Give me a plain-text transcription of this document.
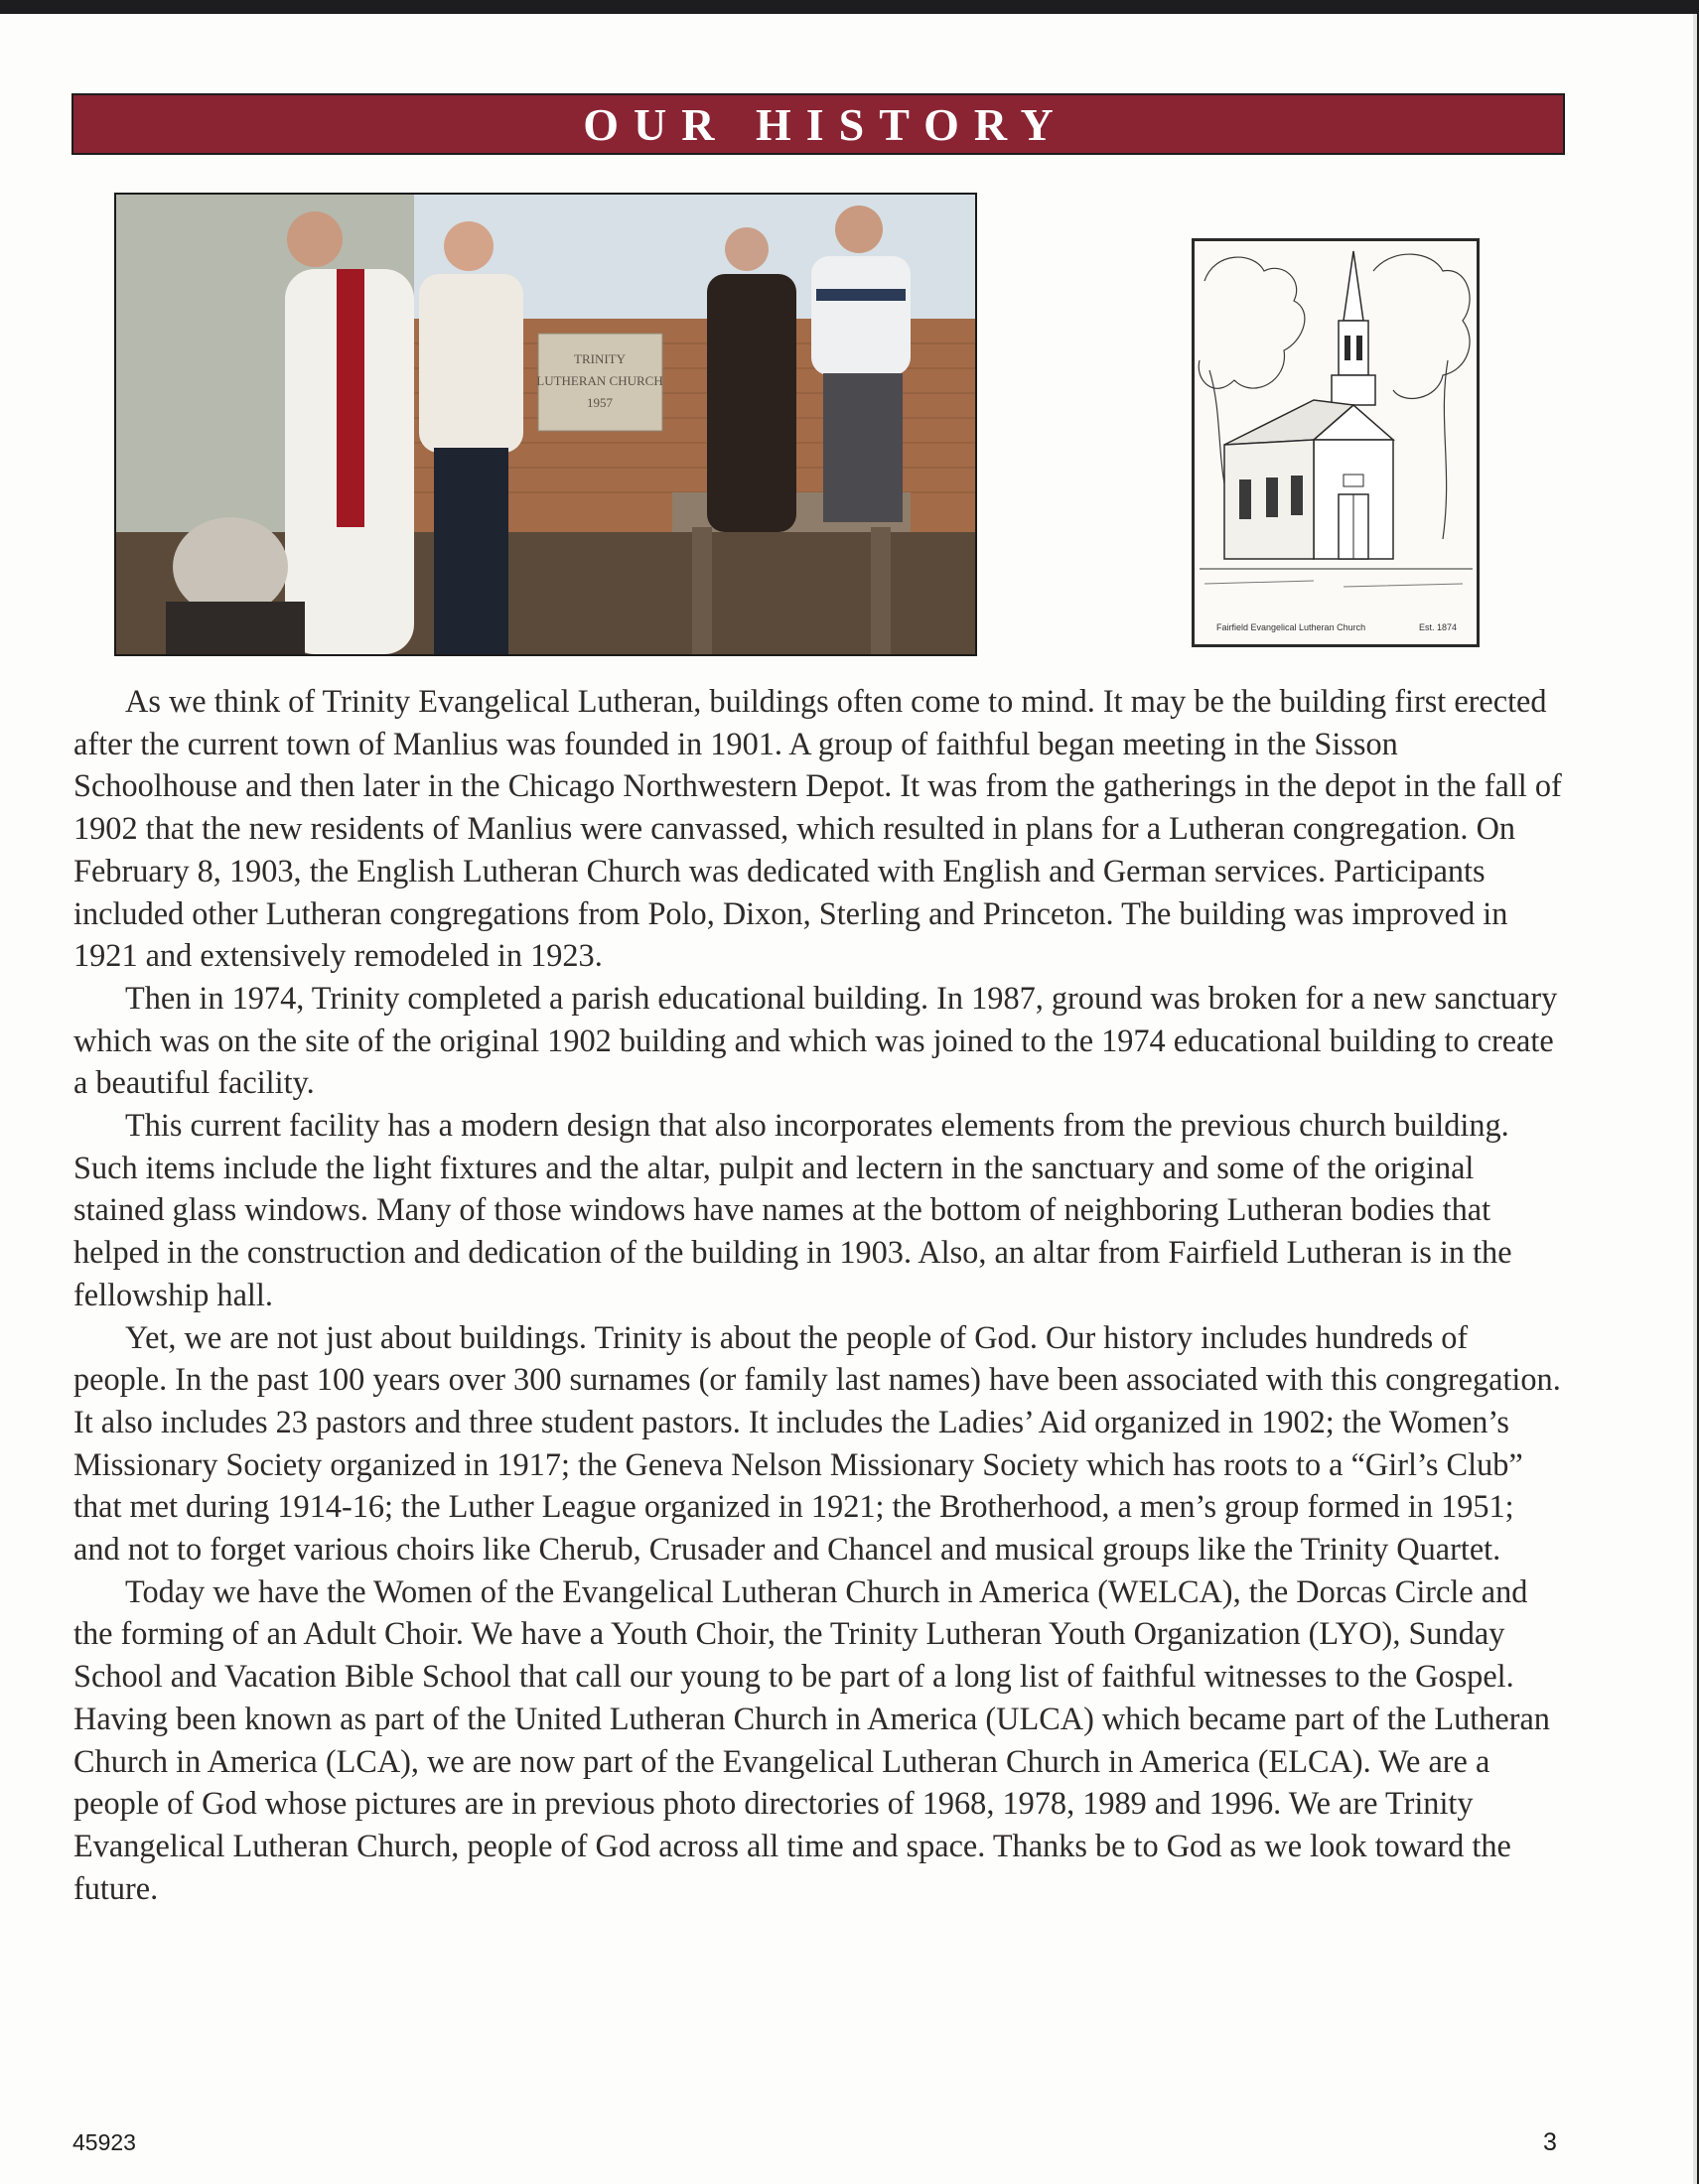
OUR HISTORY
TRINITY
LUTHERAN CHURCH
1957
Fairfield Evangelical Lutheran Church	Est. 1874

As we think of Trinity Evangelical Lutheran, buildings often come to mind. It may be the building first erected after the current town of Manlius was founded in 1901. A group of faithful began meeting in the Sisson Schoolhouse and then later in the Chicago Northwestern Depot. It was from the gatherings in the depot in the fall of 1902 that the new residents of Manlius were canvassed, which resulted in plans for a Lutheran congregation. On February 8, 1903, the English Lutheran Church was dedicated with English and German services. Participants included other Lutheran congregations from Polo, Dixon, Sterling and Princeton. The building was improved in 1921 and extensively remodeled in 1923.

Then in 1974, Trinity completed a parish educational building. In 1987, ground was broken for a new sanctuary which was on the site of the original 1902 building and which was joined to the 1974 educational building to create a beautiful facility.

This current facility has a modern design that also incorporates elements from the previous church building. Such items include the light fixtures and the altar, pulpit and lectern in the sanctuary and some of the original stained glass windows. Many of those windows have names at the bottom of neighboring Lutheran bodies that helped in the construction and dedication of the building in 1903. Also, an altar from Fairfield Lutheran is in the fellowship hall.

Yet, we are not just about buildings. Trinity is about the people of God. Our history includes hundreds of people. In the past 100 years over 300 surnames (or family last names) have been associated with this congregation. It also includes 23 pastors and three student pastors. It includes the Ladies’ Aid organized in 1902; the Women’s Missionary Society organized in 1917; the Geneva Nelson Missionary Society which has roots to a “Girl’s Club” that met during 1914-16; the Luther League organized in 1921; the Brotherhood, a men’s group formed in 1951; and not to forget various choirs like Cherub, Crusader and Chancel and musical groups like the Trinity Quartet.

Today we have the Women of the Evangelical Lutheran Church in America (WELCA), the Dorcas Circle and the forming of an Adult Choir. We have a Youth Choir, the Trinity Lutheran Youth Organization (LYO), Sunday School and Vacation Bible School that call our young to be part of a long list of faithful witnesses to the Gospel. Having been known as part of the United Lutheran Church in America (ULCA) which became part of the Lutheran Church in America (LCA), we are now part of the Evangelical Lutheran Church in America (ELCA). We are a people of God whose pictures are in previous photo directories of 1968, 1978, 1989 and 1996. We are Trinity Evangelical Lutheran Church, people of God across all time and space. Thanks be to God as we look toward the future.

45923	3
